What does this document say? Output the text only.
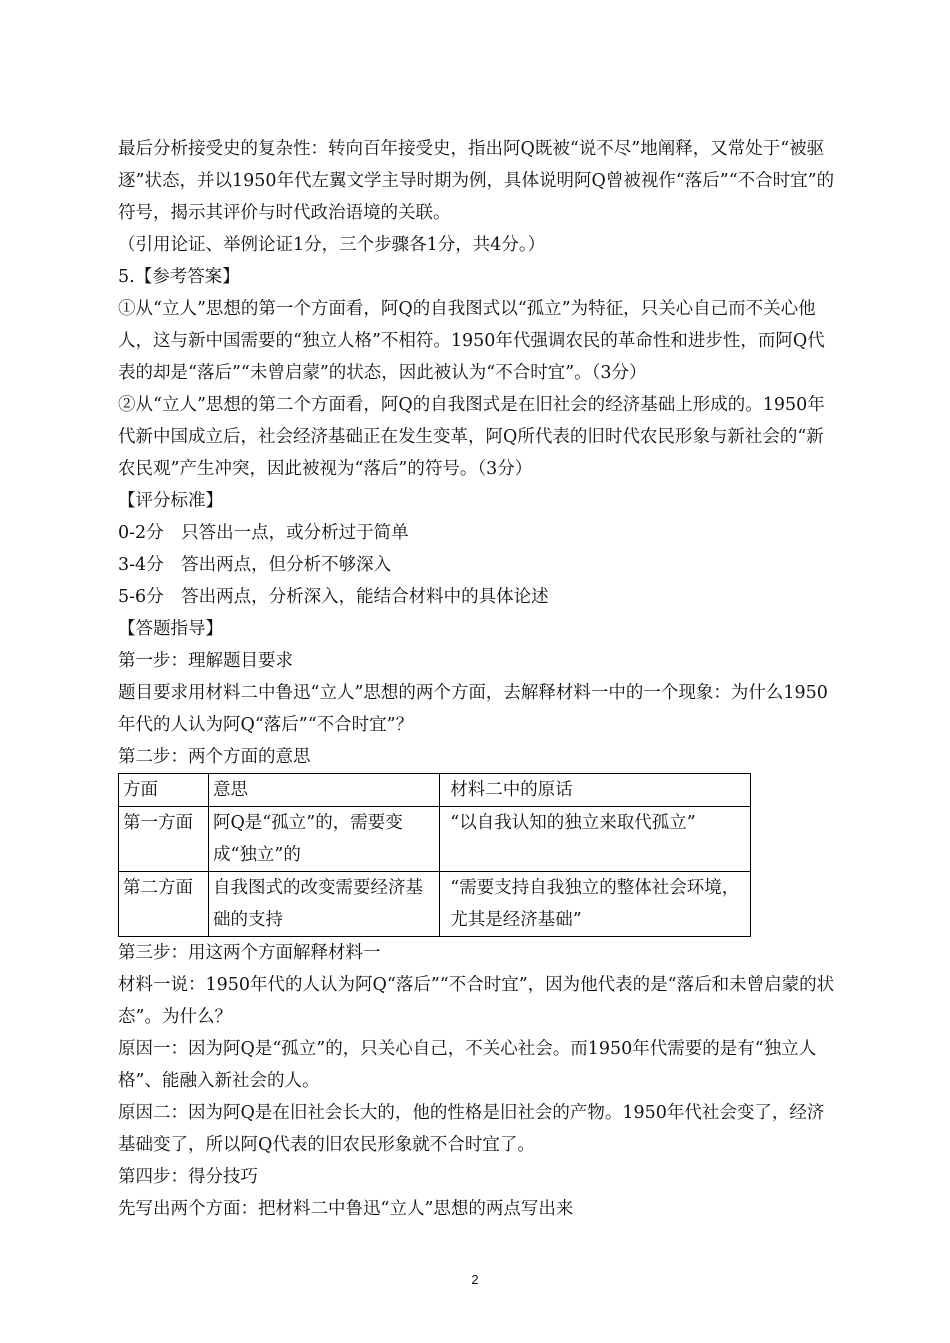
最后分析接受史的复杂性：转向百年接受史，指出阿Q既被“说不尽”地阐释，又常处于“被驱逐”状态，并以1950年代左翼文学主导时期为例，具体说明阿Q曾被视作“落后”“不合时宜”的符号，揭示其评价与时代政治语境的关联。

（引用论证、举例论证1分，三个步骤各1分，共4分。）

5.【参考答案】

①从“立人”思想的第一个方面看，阿Q的自我图式以“孤立”为特征，只关心自己而不关心他人，这与新中国需要的“独立人格”不相符。1950年代强调农民的革命性和进步性，而阿Q代表的却是“落后”“未曾启蒙”的状态，因此被认为“不合时宜”。（3分）

②从“立人”思想的第二个方面看，阿Q的自我图式是在旧社会的经济基础上形成的。1950年代新中国成立后，社会经济基础正在发生变革，阿Q所代表的旧时代农民形象与新社会的“新农民观”产生冲突，因此被视为“落后”的符号。（3分）

【评分标准】

0-2分　只答出一点，或分析过于简单

3-4分　答出两点，但分析不够深入

5-6分　答出两点，分析深入，能结合材料中的具体论述

【答题指导】

第一步：理解题目要求

题目要求用材料二中鲁迅“立人”思想的两个方面，去解释材料一中的一个现象：为什么1950年代的人认为阿Q“落后”“不合时宜”？

第二步：两个方面的意思

方面	意思	材料二中的原话
第一方面	阿Q是“孤立”的，需要变成“独立”的	“以自我认知的独立来取代孤立”
第二方面	自我图式的改变需要经济基础的支持	“需要支持自我独立的整体社会环境，尤其是经济基础”

第三步：用这两个方面解释材料一

材料一说：1950年代的人认为阿Q“落后”“不合时宜”，因为他代表的是“落后和未曾启蒙的状态”。为什么？

原因一：因为阿Q是“孤立”的，只关心自己，不关心社会。而1950年代需要的是有“独立人格”、能融入新社会的人。

原因二：因为阿Q是在旧社会长大的，他的性格是旧社会的产物。1950年代社会变了，经济基础变了，所以阿Q代表的旧农民形象就不合时宜了。

第四步：得分技巧

先写出两个方面：把材料二中鲁迅“立人”思想的两点写出来

2
